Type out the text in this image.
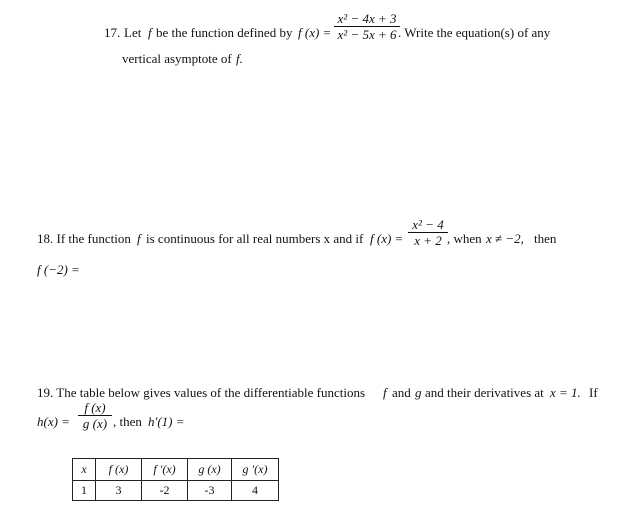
17. Let f be the function defined by f (x) =
x² − 4x + 3
x² − 5x + 6 . Write the equation(s) of any
vertical asymptote of f.
18. If the function f is continuous for all real numbers x and if f (x) =
x² − 4
x + 2 , when x ≠ −2, then
f (−2) =
19. The table below gives values of the differentiable functions f and g and their derivatives at x = 1. If
h(x) =
f (x)
g (x) , then h′(1) =
x	f (x)	f ′(x)	g (x)	g ′(x)
1	3	-2	-3	4
